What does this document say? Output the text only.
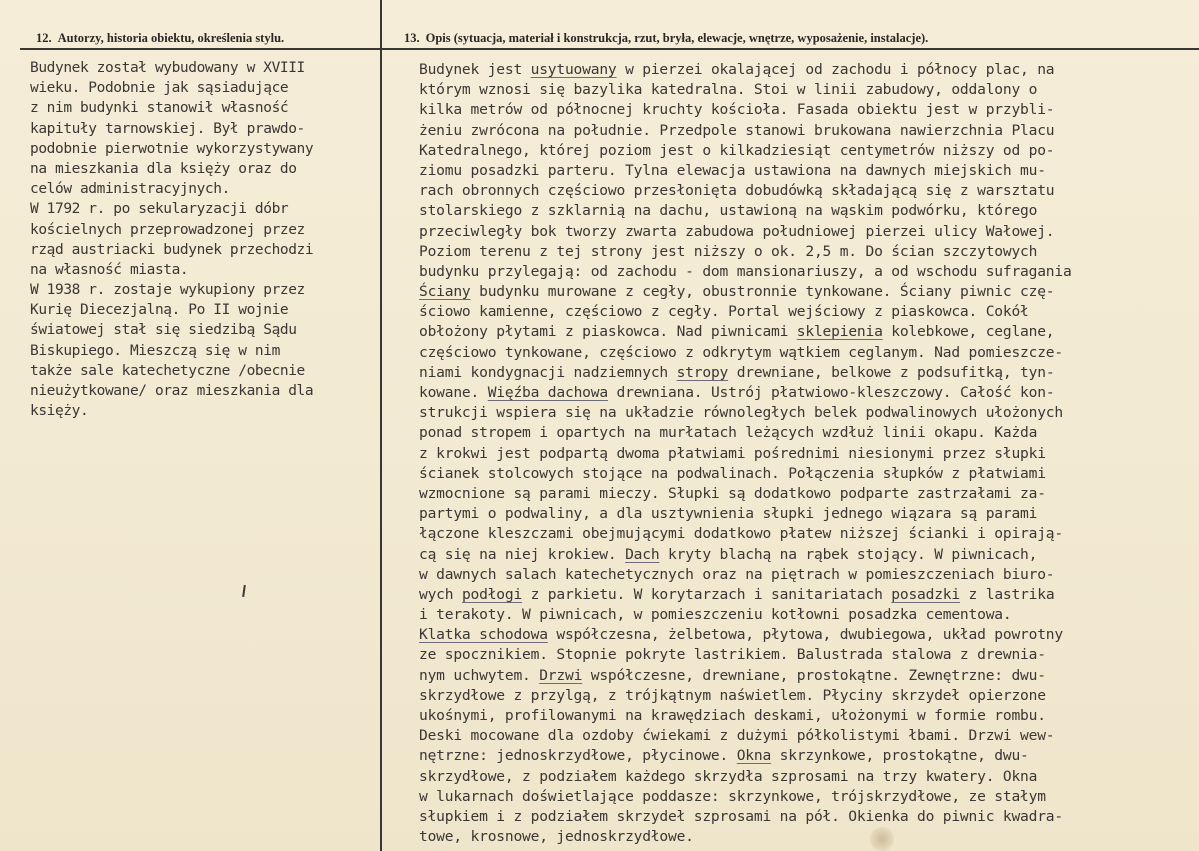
12. Autorzy, historia obiektu, określenia stylu.	13. Opis (sytuacja, materiał i konstrukcja, rzut, bryła, elewacje, wnętrze, wyposażenie, instalacje).
Budynek został wybudowany w XVIII
wieku. Podobnie jak sąsiadujące
z nim budynki stanowił własność
kapituły tarnowskiej. Był prawdo-
podobnie pierwotnie wykorzystywany
na mieszkania dla księży oraz do
celów administracyjnych.
W 1792 r. po sekularyzacji dóbr
kościelnych przeprowadzonej przez
rząd austriacki budynek przechodzi
na własność miasta.
W 1938 r. zostaje wykupiony przez
Kurię Diecezjalną. Po II wojnie
światowej stał się siedzibą Sądu
Biskupiego. Mieszczą się w nim
także sale katechetyczne /obecnie
nieużytkowane/ oraz mieszkania dla
księży.
Budynek jest usytuowany w pierzei okalającej od zachodu i północy plac, na
którym wznosi się bazylika katedralna. Stoi w linii zabudowy, oddalony o
kilka metrów od północnej kruchty kościoła. Fasada obiektu jest w przybli-
żeniu zwrócona na południe. Przedpole stanowi brukowana nawierzchnia Placu
Katedralnego, której poziom jest o kilkadziesiąt centymetrów niższy od po-
ziomu posadzki parteru. Tylna elewacja ustawiona na dawnych miejskich mu-
rach obronnych częściowo przesłonięta dobudówką składającą się z warsztatu
stolarskiego z szklarnią na dachu, ustawioną na wąskim podwórku, którego
przeciwległy bok tworzy zwarta zabudowa południowej pierzei ulicy Wałowej.
Poziom terenu z tej strony jest niższy o ok. 2,5 m. Do ścian szczytowych
budynku przylegają: od zachodu - dom mansionariuszy, a od wschodu sufragania
Ściany budynku murowane z cegły, obustronnie tynkowane. Ściany piwnic czę-
ściowo kamienne, częściowo z cegły. Portal wejściowy z piaskowca. Cokół
obłożony płytami z piaskowca. Nad piwnicami sklepienia kolebkowe, ceglane,
częściowo tynkowane, częściowo z odkrytym wątkiem ceglanym. Nad pomieszcze-
niami kondygnacji nadziemnych stropy drewniane, belkowe z podsufitką, tyn-
kowane. Więźba dachowa drewniana. Ustrój płatwiowo-kleszczowy. Całość kon-
strukcji wspiera się na układzie równoległych belek podwalinowych ułożonych
ponad stropem i opartych na murłatach leżących wzdłuż linii okapu. Każda
z krokwi jest podpartą dwoma płatwiami pośrednimi niesionymi przez słupki
ścianek stolcowych stojące na podwalinach. Połączenia słupków z płatwiami
wzmocnione są parami mieczy. Słupki są dodatkowo podparte zastrzałami za-
partymi o podwaliny, a dla usztywnienia słupki jednego wiązara są parami
łączone kleszczami obejmującymi dodatkowo płatew niższej ścianki i opirają-
cą się na niej krokiew. Dach kryty blachą na rąbek stojący. W piwnicach,
w dawnych salach katechetycznych oraz na piętrach w pomieszczeniach biuro-
wych podłogi z parkietu. W korytarzach i sanitariatach posadzki z lastrika
i terakoty. W piwnicach, w pomieszczeniu kotłowni posadzka cementowa.
Klatka schodowa współczesna, żelbetowa, płytowa, dwubiegowa, układ powrotny
ze spocznikiem. Stopnie pokryte lastrikiem. Balustrada stalowa z drewnia-
nym uchwytem. Drzwi współczesne, drewniane, prostokątne. Zewnętrzne: dwu-
skrzydłowe z przylgą, z trójkątnym naświetlem. Płyciny skrzydeł opierzone
ukośnymi, profilowanymi na krawędziach deskami, ułożonymi w formie rombu.
Deski mocowane dla ozdoby ćwiekami z dużymi półkolistymi łbami. Drzwi wew-
nętrzne: jednoskrzydłowe, płycinowe. Okna skrzynkowe, prostokątne, dwu-
skrzydłowe, z podziałem każdego skrzydła szprosami na trzy kwatery. Okna
w lukarnach doświetlające poddasze: skrzynkowe, trójskrzydłowe, ze stałym
słupkiem i z podziałem skrzydeł szprosami na pół. Okienka do piwnic kwadra-
towe, krosnowe, jednoskrzydłowe.
